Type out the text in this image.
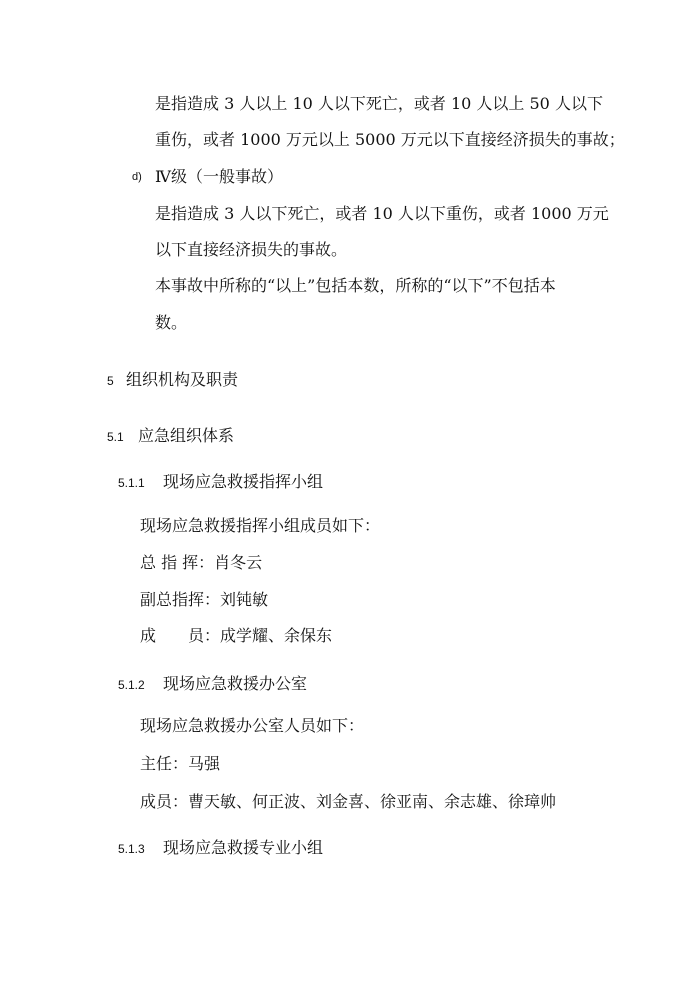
是指造成 3 人以上 10 人以下死亡，或者 10 人以上 50 人以下
重伤，或者 1000 万元以上 5000 万元以下直接经济损失的事故；
d) Ⅳ级（一般事故）
是指造成 3 人以下死亡，或者 10 人以下重伤，或者 1000 万元
以下直接经济损失的事故。
本事故中所称的“以上”包括本数，所称的“以下”不包括本
数。
5 组织机构及职责
5.1 应急组织体系
5.1.1 现场应急救援指挥小组
现场应急救援指挥小组成员如下：
总 指 挥：肖冬云
副总指挥：刘钝敏
成 员：成学耀、余保东
5.1.2 现场应急救援办公室
现场应急救援办公室人员如下：
主任：马强
成员：曹天敏、何正波、刘金喜、徐亚南、余志雄、徐璋帅
5.1.3 现场应急救援专业小组
